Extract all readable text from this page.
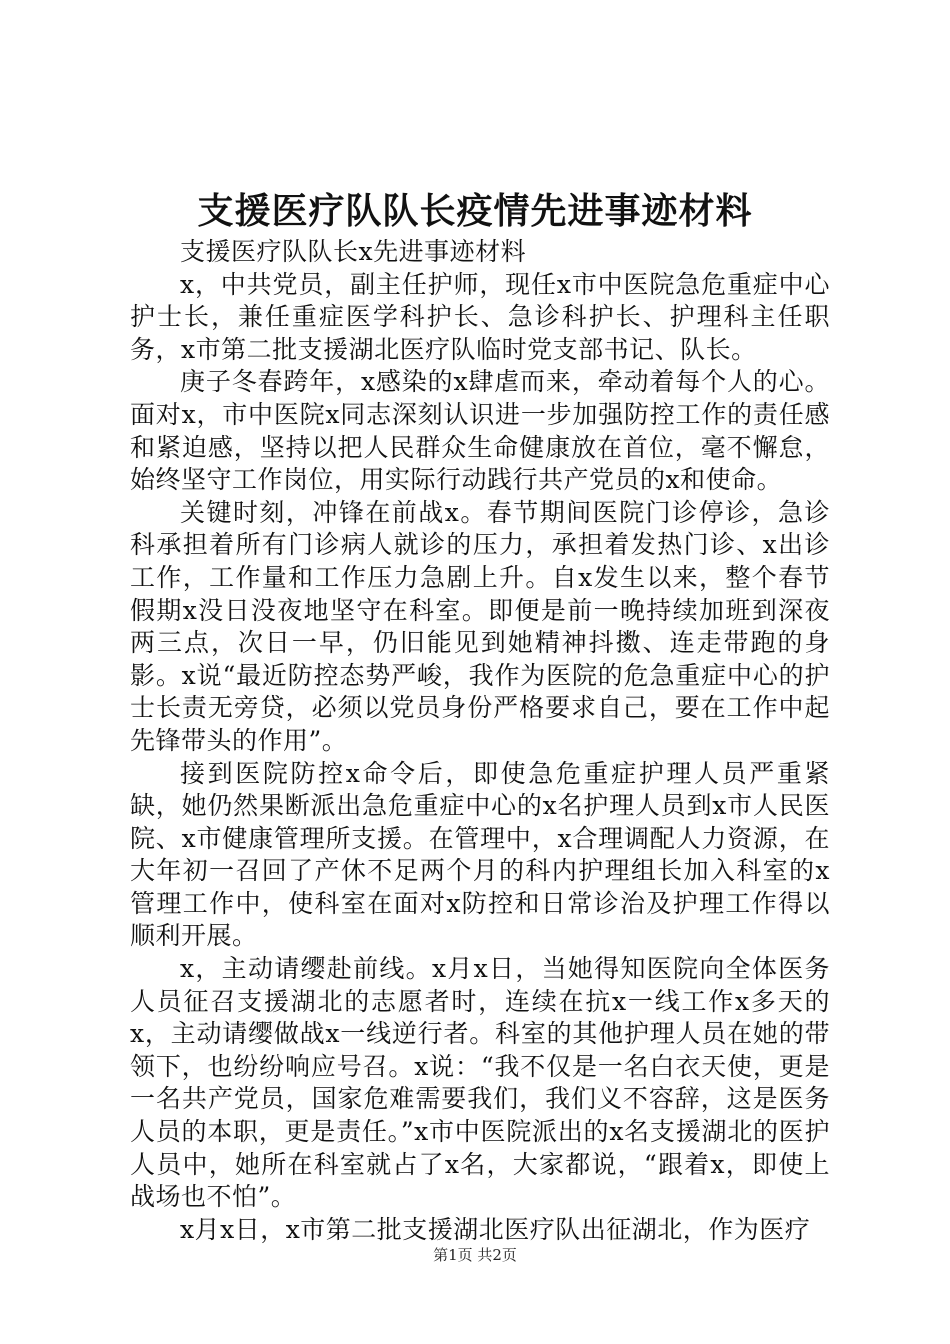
支援医疗队队长疫情先进事迹材料

支援医疗队队长x先进事迹材料

x，中共党员，副主任护师，现任x市中医院急危重症中心护士长，兼任重症医学科护长、急诊科护长、护理科主任职务，x市第二批支援湖北医疗队临时党支部书记、队长。

庚子冬春跨年，x感染的x肆虐而来，牵动着每个人的心。面对x，市中医院x同志深刻认识进一步加强防控工作的责任感和紧迫感，坚持以把人民群众生命健康放在首位，毫不懈怠，始终坚守工作岗位，用实际行动践行共产党员的x和使命。

关键时刻，冲锋在前战x。春节期间医院门诊停诊，急诊科承担着所有门诊病人就诊的压力，承担着发热门诊、x出诊工作，工作量和工作压力急剧上升。自x发生以来，整个春节假期x没日没夜地坚守在科室。即便是前一晚持续加班到深夜两三点，次日一早，仍旧能见到她精神抖擞、连走带跑的身影。x说“最近防控态势严峻，我作为医院的危急重症中心的护士长责无旁贷，必须以党员身份严格要求自己，要在工作中起先锋带头的作用”。

接到医院防控x命令后，即使急危重症护理人员严重紧缺，她仍然果断派出急危重症中心的x名护理人员到x市人民医院、x市健康管理所支援。在管理中，x合理调配人力资源，在大年初一召回了产休不足两个月的科内护理组长加入科室的x管理工作中，使科室在面对x防控和日常诊治及护理工作得以顺利开展。

x，主动请缨赴前线。x月x日，当她得知医院向全体医务人员征召支援湖北的志愿者时，连续在抗x一线工作x多天的x，主动请缨做战x一线逆行者。科室的其他护理人员在她的带领下，也纷纷响应号召。x说：“我不仅是一名白衣天使，更是一名共产党员，国家危难需要我们，我们义不容辞，这是医务人员的本职，更是责任。”x市中医院派出的x名支援湖北的医护人员中，她所在科室就占了x名，大家都说，“跟着x，即使上战场也不怕”。

x月x日，x市第二批支援湖北医疗队出征湖北，作为医疗

第1页 共2页
